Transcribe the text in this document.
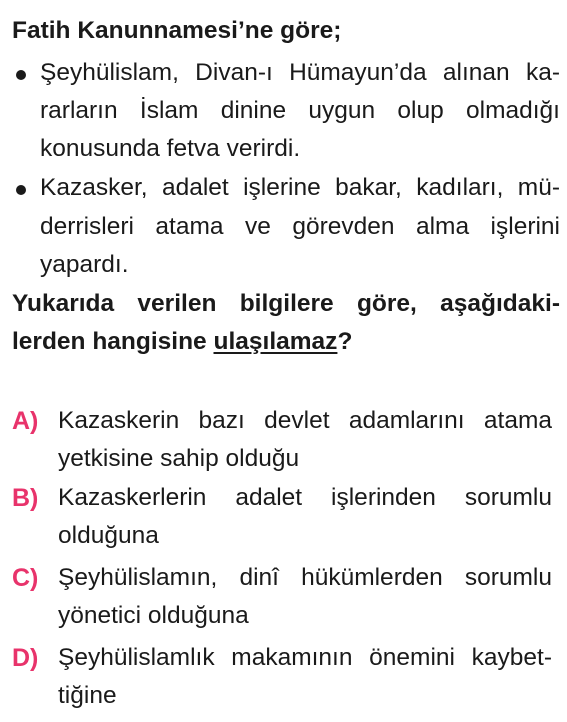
Fatih Kanunnamesi’ne göre;
Şeyhülislam, Divan-ı Hümayun’da alınan ka-
rarların İslam dinine uygun olup olmadığı
konusunda fetva verirdi.
Kazasker, adalet işlerine bakar, kadıları, mü-
derrisleri atama ve görevden alma işlerini
yapardı.
Yukarıda verilen bilgilere göre, aşağıdaki-
lerden hangisine ulaşılamaz?
A) Kazaskerin bazı devlet adamlarını atama
yetkisine sahip olduğu
B) Kazaskerlerin adalet işlerinden sorumlu
olduğuna
C) Şeyhülislamın, dinî hükümlerden sorumlu
yönetici olduğuna
D) Şeyhülislamlık makamının önemini kaybet-
tiğine
